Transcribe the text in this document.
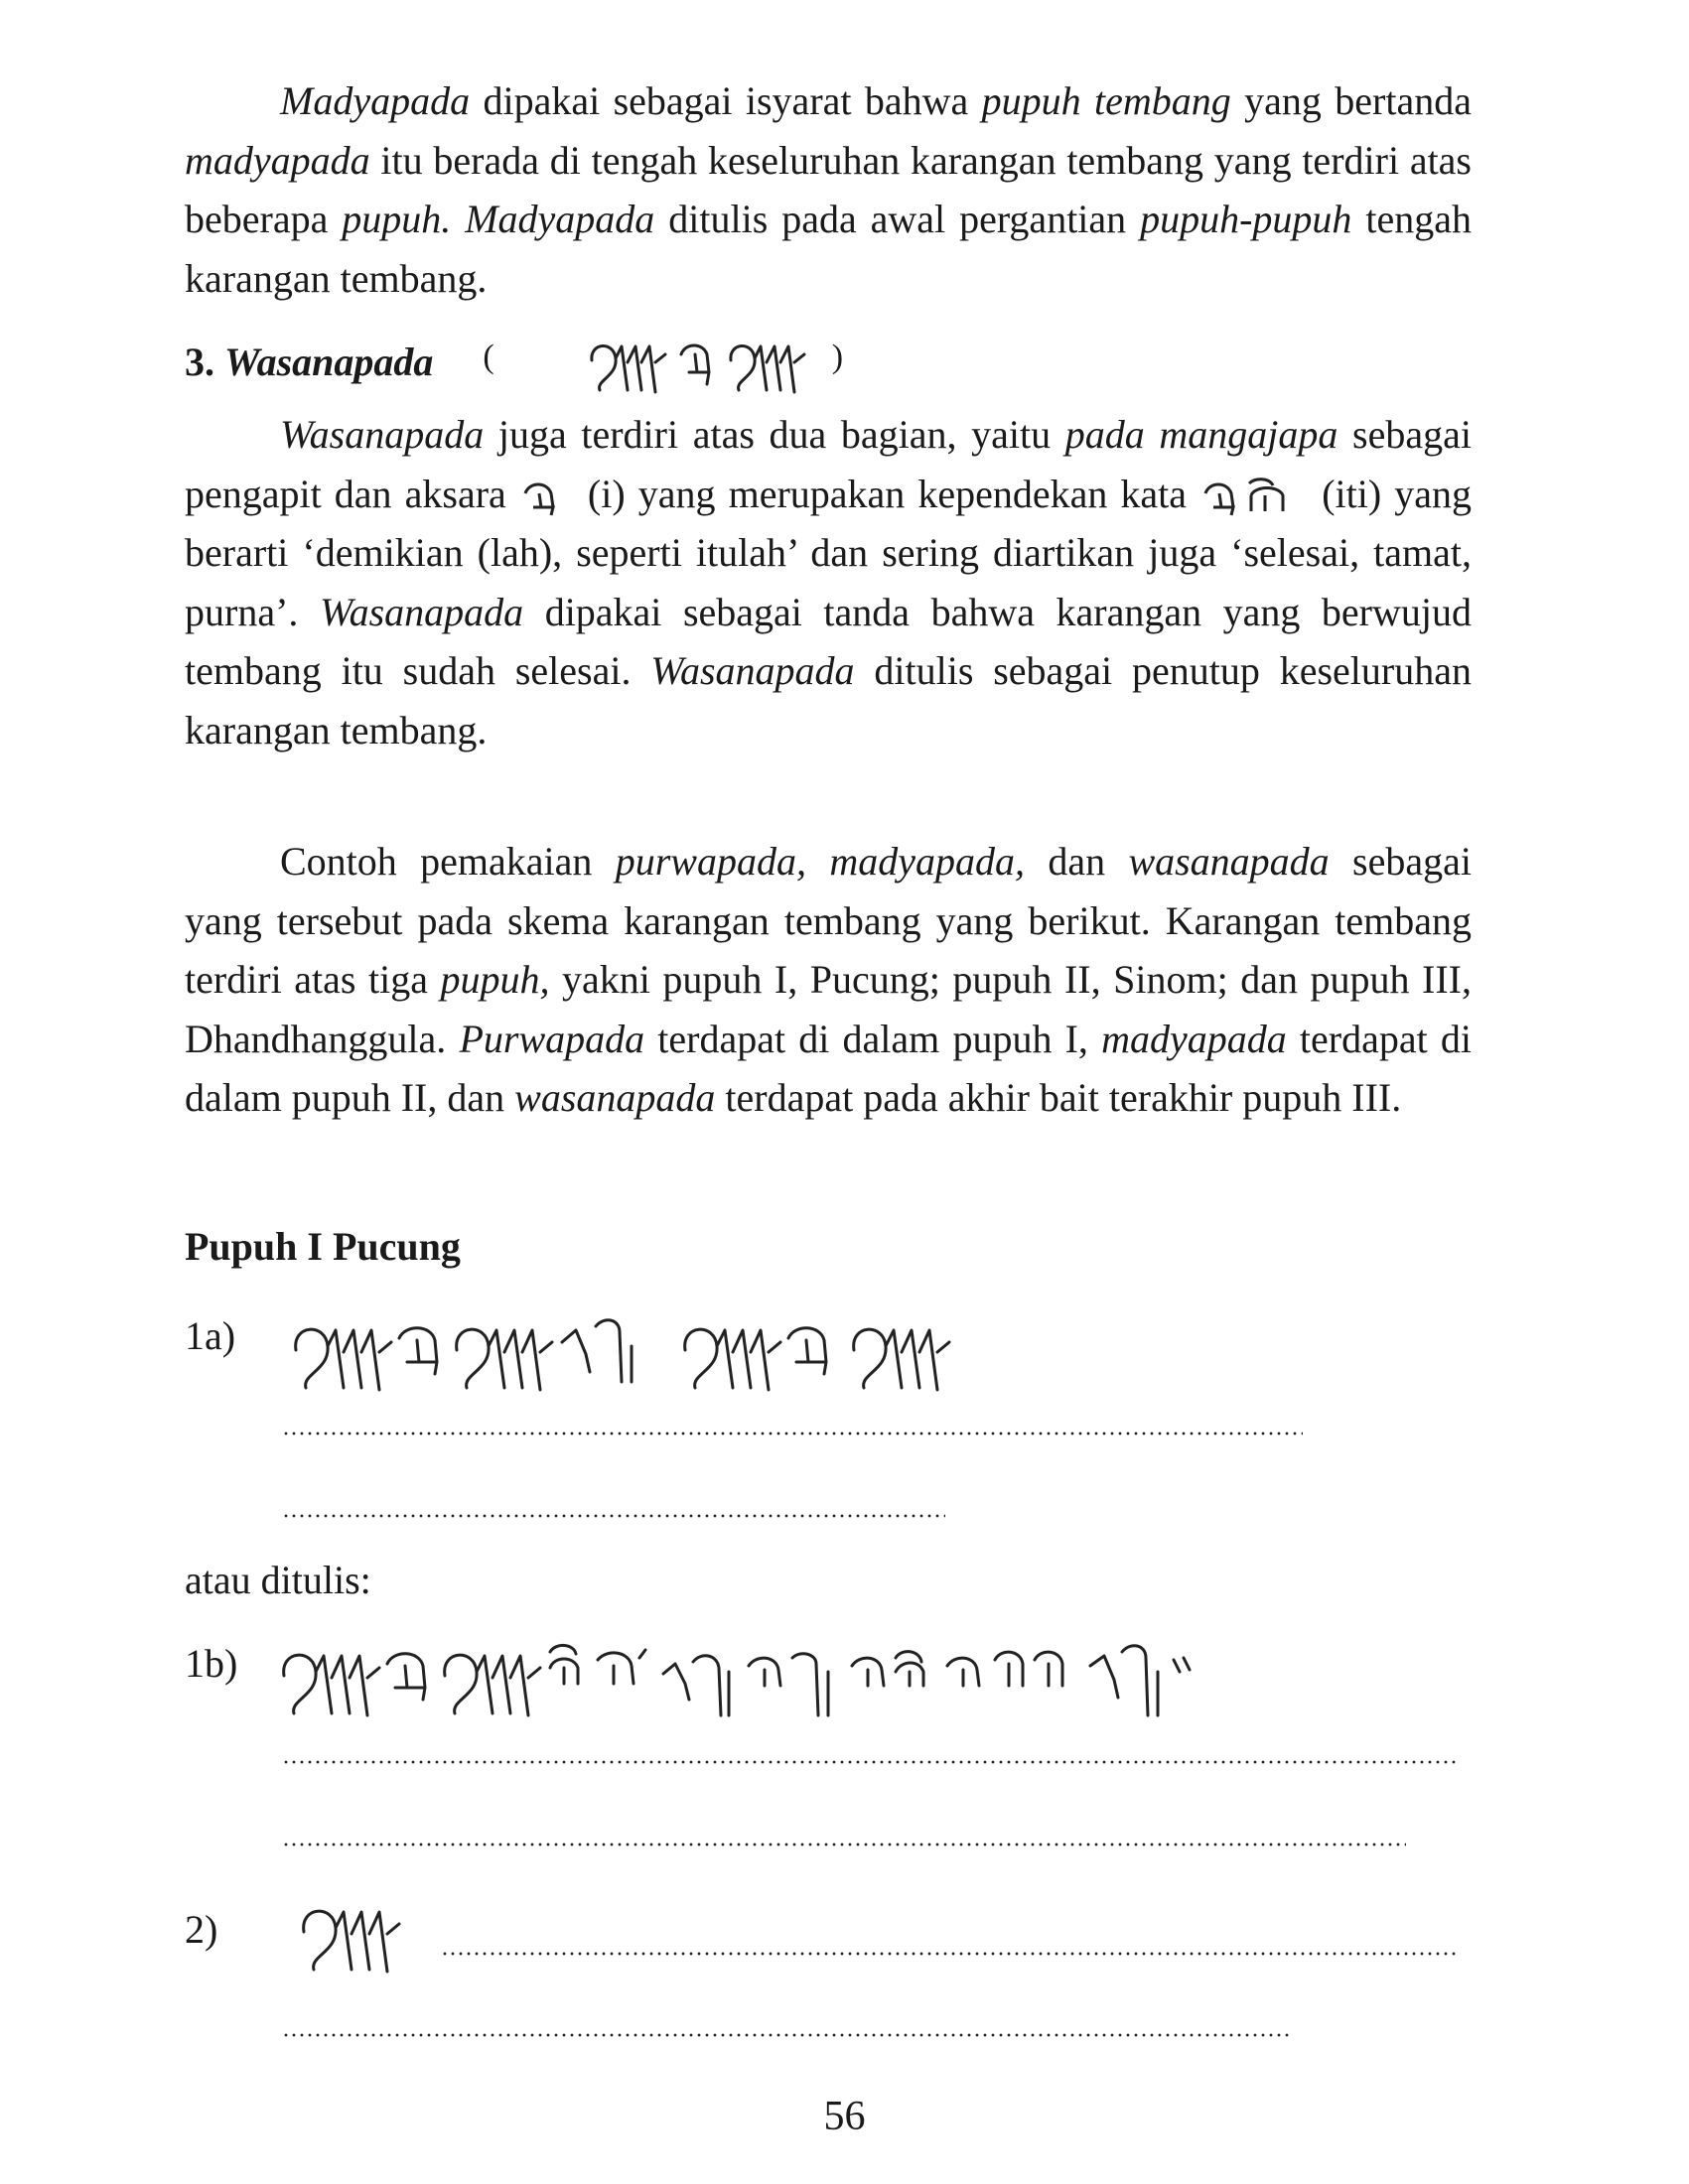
Madyapada dipakai sebagai isyarat bahwa pupuh tembang yang bertanda madyapada itu berada di tengah keseluruhan karangan tembang yang terdiri atas beberapa pupuh. Madyapada ditulis pada awal pergantian pupuh-pupuh tengah karangan tembang.

3. Wasanapada (	)

Wasanapada juga terdiri atas dua bagian, yaitu pada mangajapa sebagai pengapit dan aksara  (i) yang merupakan kependekan kata	(iti) yang berarti ‘demikian (lah), seperti itulah’ dan sering diartikan juga ‘selesai, tamat, purna’. Wasanapada dipakai sebagai tanda bahwa karangan yang berwujud tembang itu sudah selesai. Wasanapada ditulis sebagai penutup keseluruhan karangan tembang.

Contoh pemakaian purwapada, madyapada, dan wasanapada sebagai yang tersebut pada skema karangan tembang yang berikut. Karangan tembang terdiri atas tiga pupuh, yakni pupuh I, Pucung; pupuh II, Sinom; dan pupuh III, Dhandhanggula. Purwapada terdapat di dalam pupuh I, madyapada terdapat di dalam pupuh II, dan wasanapada terdapat pada akhir bait terakhir pupuh III.

Pupuh I Pucung
1a)
atau ditulis:
1b)
2)
56
